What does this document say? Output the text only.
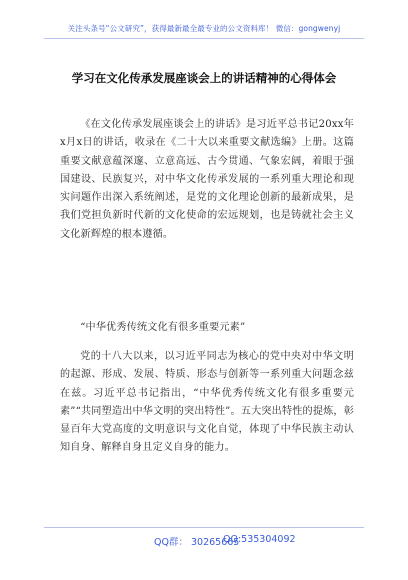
关注头条号“公文研究”，获得最新最全最专业的公文资料库！ 微信：gongwenyj
学习在文化传承发展座谈会上的讲话精神的心得体会
《在文化传承发展座谈会上的讲话》是习近平总书记20xx年x月x日的讲话，收录在《二十大以来重要文献选编》上册。这篇重要文献意蕴深邃、立意高远、古今贯通、气象宏阔，着眼于强国建设、民族复兴，对中华文化传承发展的一系列重大理论和现实问题作出深入系统阐述，是党的文化理论创新的最新成果，是我们党担负新时代新的文化使命的宏远规划，也是铸就社会主义文化新辉煌的根本遵循。
“中华优秀传统文化有很多重要元素”
党的十八大以来，以习近平同志为核心的党中央对中华文明的起源、形成、发展、特质、形态与创新等一系列重大问题念兹在兹。习近平总书记指出，“中华优秀传统文化有很多重要元素”“共同塑造出中华文明的突出特性”。五大突出特性的提炼，彰显百年大党高度的文明意识与文化自觉，体现了中华民族主动认知自身、解释自身且定义自身的能力。
QQ群： 30265665
QQ:535304092
